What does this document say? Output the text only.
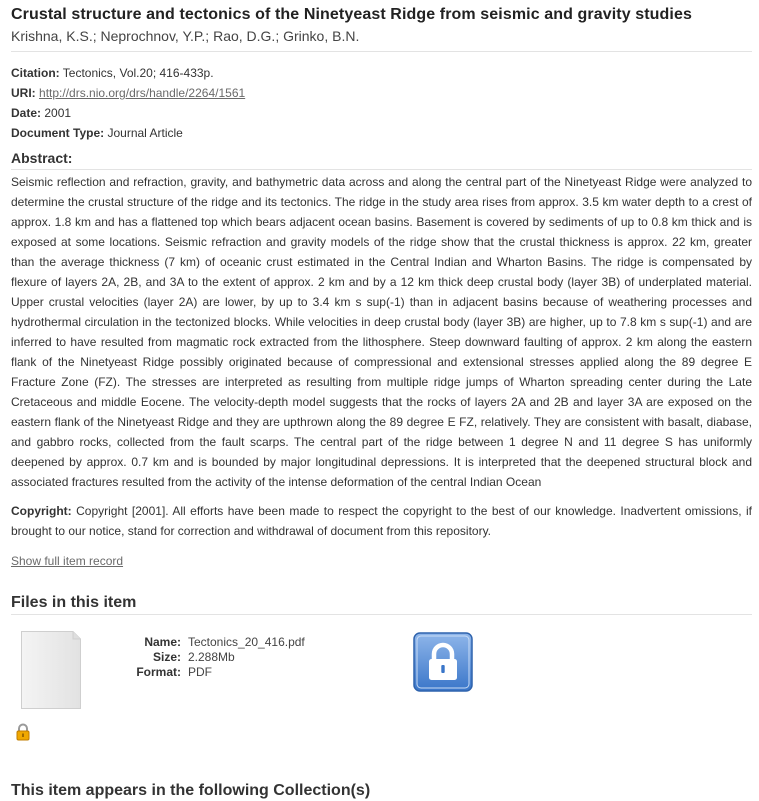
Crustal structure and tectonics of the Ninetyeast Ridge from seismic and gravity studies
Krishna, K.S.; Neprochnov, Y.P.; Rao, D.G.; Grinko, B.N.
Citation: Tectonics, Vol.20; 416-433p.
URI: http://drs.nio.org/drs/handle/2264/1561
Date: 2001
Document Type: Journal Article
Abstract:
Seismic reflection and refraction, gravity, and bathymetric data across and along the central part of the Ninetyeast Ridge were analyzed to determine the crustal structure of the ridge and its tectonics. The ridge in the study area rises from approx. 3.5 km water depth to a crest of approx. 1.8 km and has a flattened top which bears adjacent ocean basins. Basement is covered by sediments of up to 0.8 km thick and is exposed at some locations. Seismic refraction and gravity models of the ridge show that the crustal thickness is approx. 22 km, greater than the average thickness (7 km) of oceanic crust estimated in the Central Indian and Wharton Basins. The ridge is compensated by flexure of layers 2A, 2B, and 3A to the extent of approx. 2 km and by a 12 km thick deep crustal body (layer 3B) of underplated material. Upper crustal velocities (layer 2A) are lower, by up to 3.4 km s sup(-1) than in adjacent basins because of weathering processes and hydrothermal circulation in the tectonized blocks. While velocities in deep crustal body (layer 3B) are higher, up to 7.8 km s sup(-1) and are inferred to have resulted from magmatic rock extracted from the lithosphere. Steep downward faulting of approx. 2 km along the eastern flank of the Ninetyeast Ridge possibly originated because of compressional and extensional stresses applied along the 89 degree E Fracture Zone (FZ). The stresses are interpreted as resulting from multiple ridge jumps of Wharton spreading center during the Late Cretaceous and middle Eocene. The velocity-depth model suggests that the rocks of layers 2A and 2B and layer 3A are exposed on the eastern flank of the Ninetyeast Ridge and they are upthrown along the 89 degree E FZ, relatively. They are consistent with basalt, diabase, and gabbro rocks, collected from the fault scarps. The central part of the ridge between 1 degree N and 11 degree S has uniformly deepened by approx. 0.7 km and is bounded by major longitudinal depressions. It is interpreted that the deepened structural block and associated fractures resulted from the activity of the intense deformation of the central Indian Ocean
Copyright: Copyright [2001]. All efforts have been made to respect the copyright to the best of our knowledge. Inadvertent omissions, if brought to our notice, stand for correction and withdrawal of document from this repository.
Show full item record
Files in this item
Name: Tectonics_20_416.pdf
Size: 2.288Mb
Format: PDF
This item appears in the following Collection(s)
